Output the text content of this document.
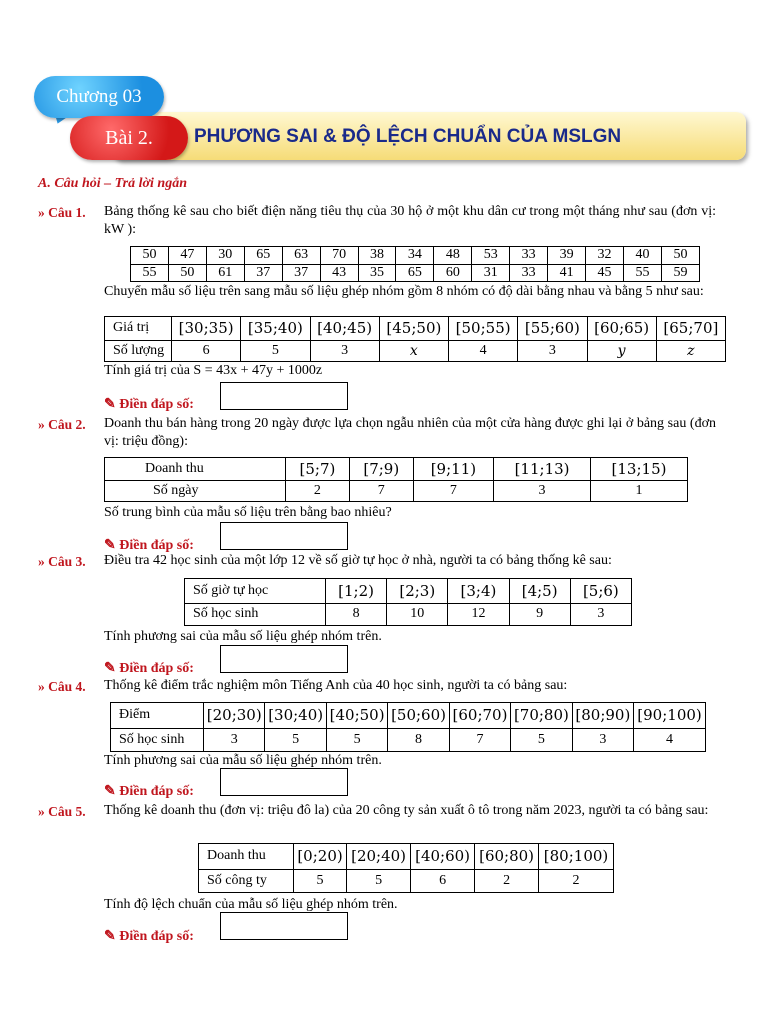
Chương 03
Bài 2.	PHƯƠNG SAI & ĐỘ LỆCH CHUẨN CỦA MSLGN
A. Câu hỏi – Trả lời ngắn
» Câu 1. Bảng thống kê sau cho biết điện năng tiêu thụ của 30 hộ ở một khu dân cư trong một tháng như sau (đơn vị: kW ):
50	47	30	65	63	70	38	34	48	53	33	39	32	40	50
55	50	61	37	37	43	35	65	60	31	33	41	45	55	59
Chuyển mẫu số liệu trên sang mẫu số liệu ghép nhóm gồm 8 nhóm có độ dài bằng nhau và bằng 5 như sau:
Giá trị	[30;35)	[35;40)	[40;45)	[45;50)	[50;55)	[55;60)	[60;65)	[65;70]
Số lượng	6	5	3	x	4	3	y	z
Tính giá trị của S = 43x + 47y + 1000z
✎ Điền đáp số:
» Câu 2. Doanh thu bán hàng trong 20 ngày được lựa chọn ngẫu nhiên của một cửa hàng được ghi lại ở bảng sau (đơn vị: triệu đồng):
Doanh thu	[5;7)	[7;9)	[9;11)	[11;13)	[13;15)
Số ngày	2	7	7	3	1
Số trung bình của mẫu số liệu trên bằng bao nhiêu?
✎ Điền đáp số:
» Câu 3. Điều tra 42 học sinh của một lớp 12 về số giờ tự học ở nhà, người ta có bảng thống kê sau:
Số giờ tự học	[1;2)	[2;3)	[3;4)	[4;5)	[5;6)
Số học sinh	8	10	12	9	3
Tính phương sai của mẫu số liệu ghép nhóm trên.
✎ Điền đáp số:
» Câu 4. Thống kê điểm trắc nghiệm môn Tiếng Anh của 40 học sinh, người ta có bảng sau:
Điểm	[20;30)	[30;40)	[40;50)	[50;60)	[60;70)	[70;80)	[80;90)	[90;100)
Số học sinh	3	5	5	8	7	5	3	4
Tính phương sai của mẫu số liệu ghép nhóm trên.
✎ Điền đáp số:
» Câu 5. Thống kê doanh thu (đơn vị: triệu đô la) của 20 công ty sản xuất ô tô trong năm 2023, người ta có bảng sau:
Doanh thu	[0;20)	[20;40)	[40;60)	[60;80)	[80;100)
Số công ty	5	5	6	2	2
Tính độ lệch chuẩn của mẫu số liệu ghép nhóm trên.
✎ Điền đáp số:
